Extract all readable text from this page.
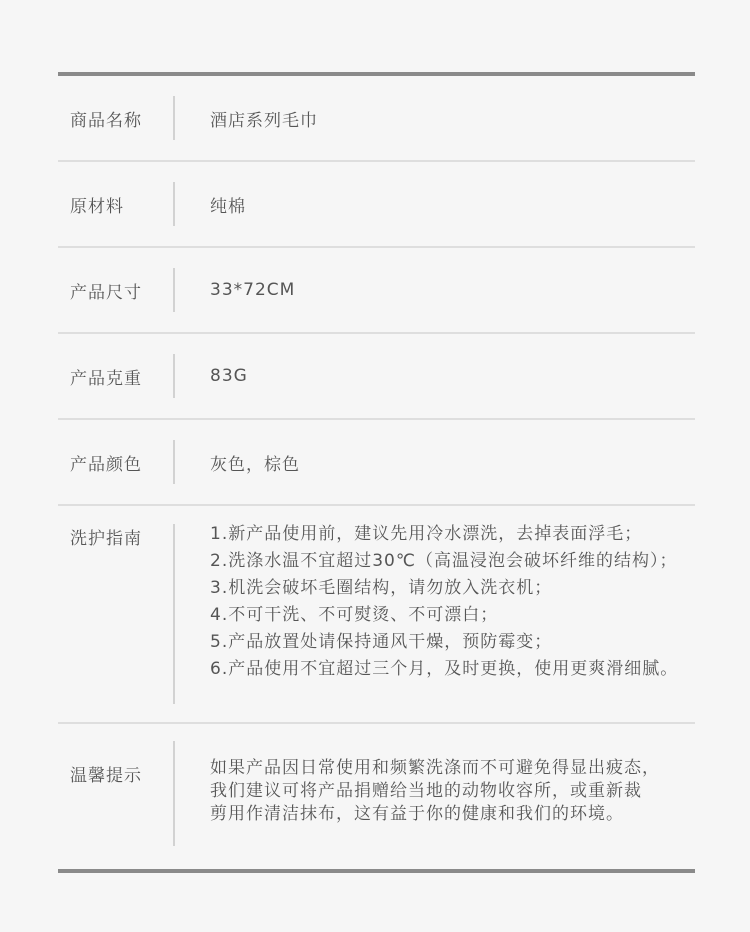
商品名称	酒店系列毛巾
原材料	纯棉
产品尺寸	33*72CM
产品克重	83G
产品颜色	灰色，棕色
洗护指南	1.新产品使用前，建议先用冷水漂洗，去掉表面浮毛；
2.洗涤水温不宜超过30℃（高温浸泡会破坏纤维的结构）；
3.机洗会破坏毛圈结构，请勿放入洗衣机；
4.不可干洗、不可熨烫、不可漂白；
5.产品放置处请保持通风干燥，预防霉变；
6.产品使用不宜超过三个月，及时更换，使用更爽滑细腻。
温馨提示	如果产品因日常使用和频繁洗涤而不可避免得显出疲态，
我们建议可将产品捐赠给当地的动物收容所，或重新裁
剪用作清洁抹布，这有益于你的健康和我们的环境。
